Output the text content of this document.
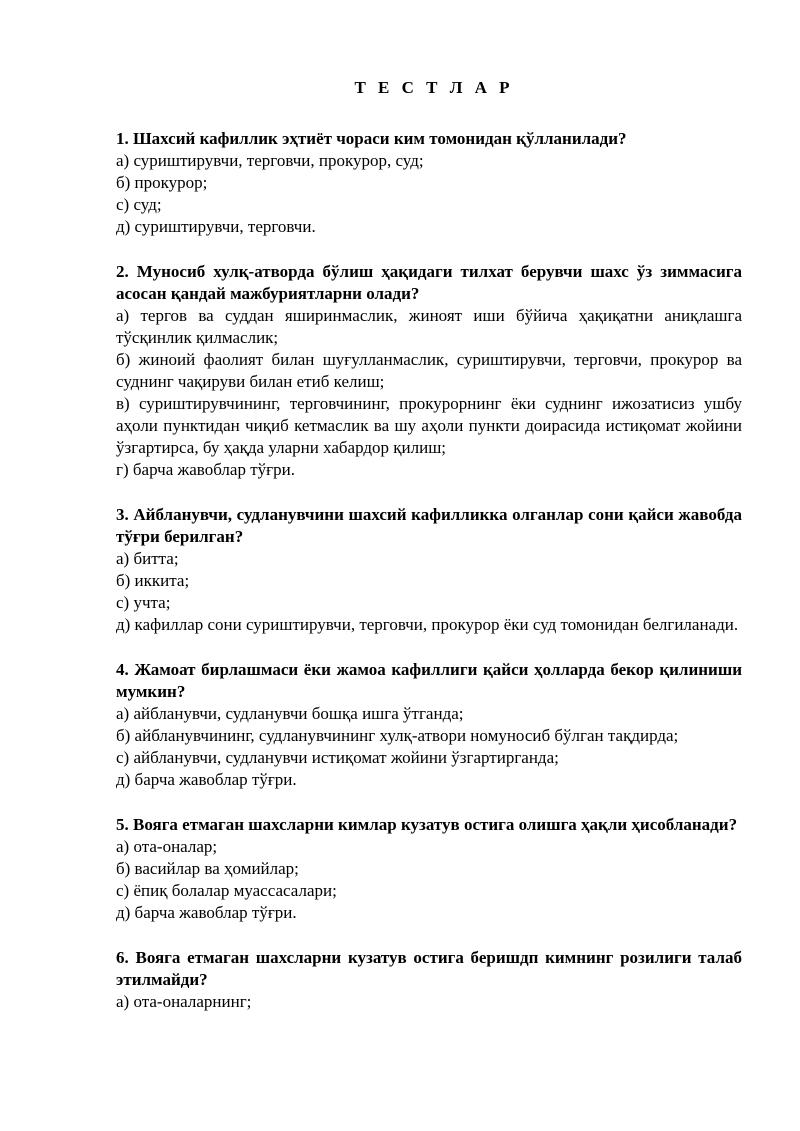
Т Е С Т Л А Р

1. Шахсий кафиллик эҳтиёт чораси ким томонидан қўлланилади?

а) суриштирувчи, терговчи, прокурор, суд;

б) прокурор;

с) суд;

д) суриштирувчи, терговчи.

2. Муносиб хулқ-атворда бўлиш ҳақидаги тилхат берувчи шахс ўз зиммасига асосан қандай мажбуриятларни олади?

а) тергов ва суддан яширинмаслик, жиноят иши бўйича ҳақиқатни аниқлашга тўсқинлик қилмаслик;

б) жиноий фаолият билан шуғулланмаслик, суриштирувчи, терговчи, прокурор ва суднинг чақируви билан етиб келиш;

в) суриштирувчининг, терговчининг, прокурорнинг ёки суднинг ижозатисиз ушбу аҳоли пунктидан чиқиб кетмаслик ва шу аҳоли пункти доирасида истиқомат жойини ўзгартирса, бу ҳақда уларни хабардор қилиш;

г) барча жавоблар тўғри.

3. Айбланувчи, судланувчини шахсий кафилликка олганлар сони қайси жавобда тўғри берилган?

а) битта;

б) иккита;

с) учта;

д) кафиллар сони суриштирувчи, терговчи, прокурор ёки суд томонидан белгиланади.

4. Жамоат бирлашмаси ёки жамоа кафиллиги қайси ҳолларда бекор қилиниши мумкин?

а) айбланувчи, судланувчи бошқа ишга ўтганда;

б) айбланувчининг, судланувчининг хулқ-атвори номуносиб бўлган тақдирда;

с) айбланувчи, судланувчи истиқомат жойини ўзгартирганда;

д) барча жавоблар тўғри.

5. Вояга етмаган шахсларни кимлар кузатув остига олишга ҳақли ҳисобланади?

а) ота-оналар;

б) васийлар ва ҳомийлар;

с) ёпиқ болалар муассасалари;

д) барча жавоблар тўғри.

6. Вояга етмаган шахсларни кузатув остига беришдп кимнинг розилиги талаб этилмайди?

а) ота-оналарнинг;
